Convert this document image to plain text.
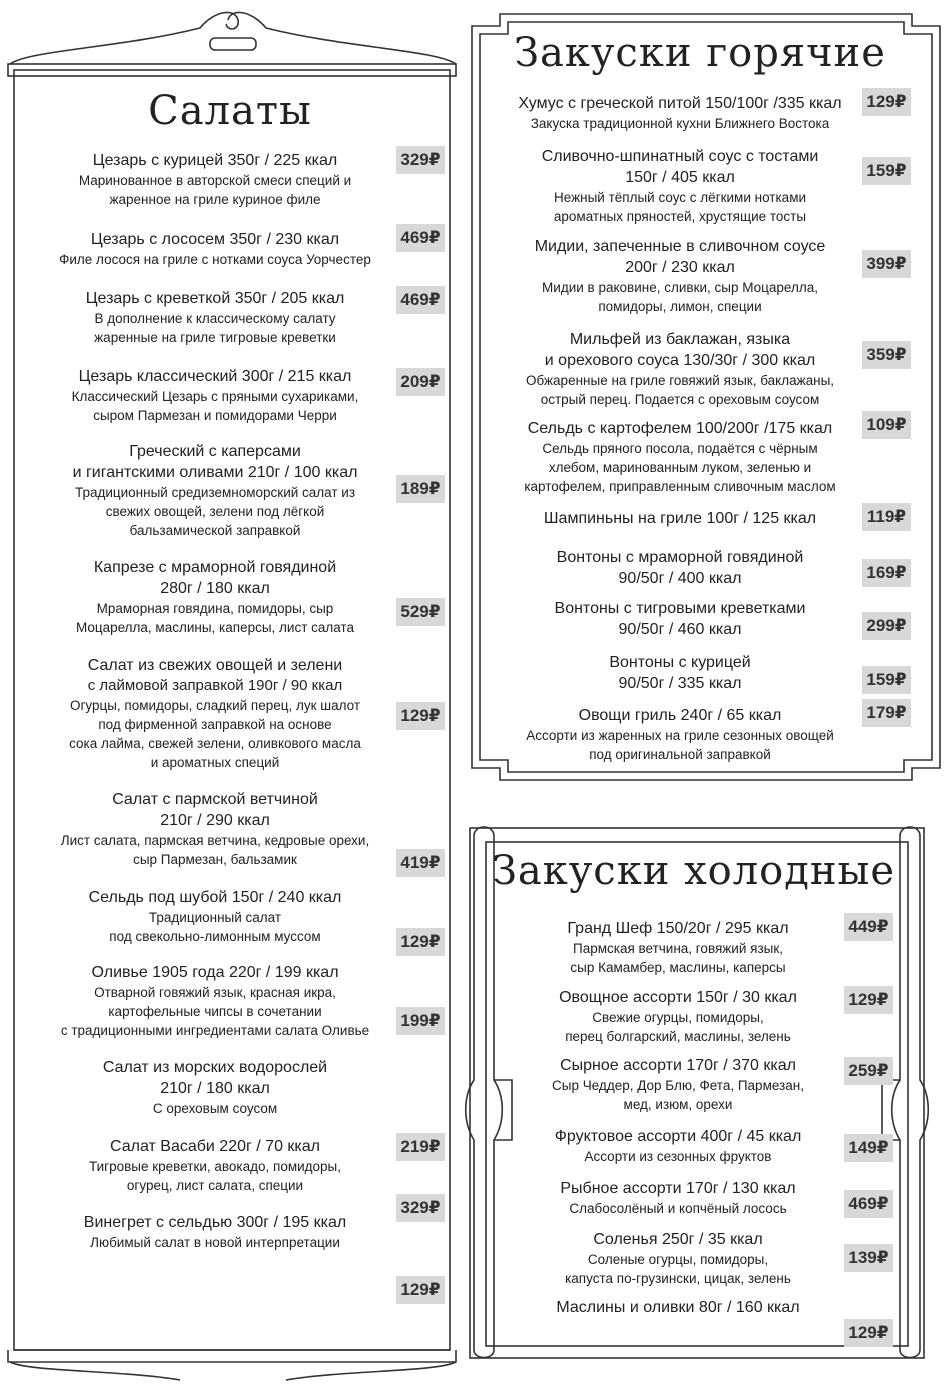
Салаты
Закуски горячие
Закуски холодные
Цезарь с курицей 350г / 225 ккал
Маринованное в авторской смеси специй и
жаренное на гриле куриное филе
329₽
Цезарь с лососем 350г / 230 ккал
Филе лосося на гриле с нотками соуса Уорчестер
469₽
Цезарь с креветкой 350г / 205 ккал
В дополнение к классическому салату
жаренные на гриле тигровые креветки
469₽
Цезарь классический 300г / 215 ккал
Классический Цезарь с пряными сухариками,
сыром Пармезан и помидорами Черри
209₽
Греческий с каперсами
и гигантскими оливами 210г / 100 ккал
Традиционный средиземноморский салат из
свежих овощей, зелени под лёгкой
бальзамической заправкой
189₽
Капрезе с мраморной говядиной
280г / 180 ккал
Мраморная говядина, помидоры, сыр
Моцарелла, маслины, каперсы, лист салата
529₽
Салат из свежих овощей и зелени
с лаймовой заправкой 190г / 90 ккал
Огурцы, помидоры, сладкий перец, лук шалот
под фирменной заправкой на основе
сока лайма, свежей зелени, оливкового масла
и ароматных специй
129₽
Салат с пармской ветчиной
210г / 290 ккал
Лист салата, пармская ветчина, кедровые орехи,
сыр Пармезан, бальзамик	419₽
Сельдь под шубой 150г / 240 ккал
Традиционный салат
под свекольно-лимонным муссом	129₽
Оливье 1905 года 220г / 199 ккал
Отварной говяжий язык, красная икра,
картофельные чипсы в сочетании
с традиционными ингредиентами салата Оливье
199₽
Салат из морских водорослей
210г / 180 ккал
С ореховым соусом
219₽
Салат Васаби 220г / 70 ккал
Тигровые креветки, авокадо, помидоры,
огурец, лист салата, специи
329₽
Винегрет с сельдью 300г / 195 ккал
Любимый салат в новой интерпретации
129₽
Хумус с греческой питой 150/100г /335 ккал
Закуска традиционной кухни Ближнего Востока
129₽
Сливочно-шпинатный соус с тостами
150г / 405 ккал
Нежный тёплый соус с лёгкими нотками
ароматных пряностей, хрустящие тосты
159₽
Мидии, запеченные в сливочном соусе
200г / 230 ккал
Мидии в раковине, сливки, сыр Моцарелла,
помидоры, лимон, специи
399₽
Мильфей из баклажан, языка
и орехового соуса 130/30г / 300 ккал
Обжаренные на гриле говяжий язык, баклажаны,
острый перец. Подается с ореховым соусом
359₽
Сельдь с картофелем 100/200г /175 ккал
Сельдь пряного посола, подаётся с чёрным
хлебом, маринованным луком, зеленью и
картофелем, приправленным сливочным маслом
109₽
Шампиньны на гриле 100г / 125 ккал	119₽
Вонтоны с мраморной говядиной
90/50г / 400 ккал	169₽
Вонтоны с тигровыми креветками
90/50г / 460 ккал	299₽
Вонтоны с курицей
90/50г / 335 ккал	159₽
Овощи гриль 240г / 65 ккал
Ассорти из жаренных на гриле сезонных овощей
под оригинальной заправкой
179₽
Гранд Шеф 150/20г / 295 ккал
Пармская ветчина, говяжий язык,
сыр Камамбер, маслины, каперсы
449₽
Овощное ассорти 150г / 30 ккал
Свежие огурцы, помидоры,
перец болгарский, маслины, зелень
129₽
Сырное ассорти 170г / 370 ккал
Сыр Чеддер, Дор Блю, Фета, Пармезан,
мед, изюм, орехи
259₽
Фруктовое ассорти 400г / 45 ккал
Ассорти из сезонных фруктов	149₽
Рыбное ассорти 170г / 130 ккал
Слабосолёный и копчёный лосось	469₽
Соленья 250г / 35 ккал
Соленые огурцы, помидоры,
капуста по-грузински, цицак, зелень
139₽
Маслины и оливки 80г / 160 ккал
129₽
